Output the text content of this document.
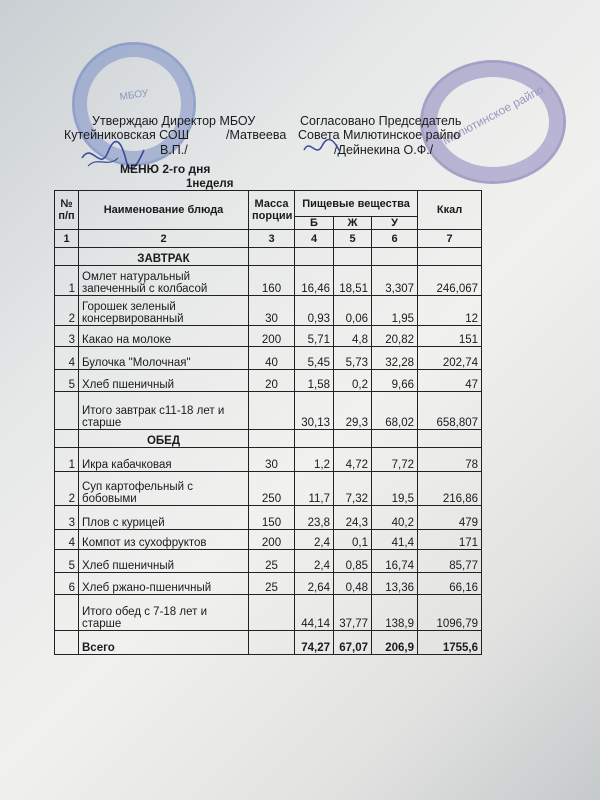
МБОУ	Милютинское райпо
Утверждаю Директор МБОУ
Кутейниковская СОШ	/Матвеева
В.П./
Согласовано Председатель
Совета Милютинское райпо
/Дейнекина О.Ф./
МЕНЮ 2-го дня
1неделя
№ п/п	Наименование блюда	Масса порции	Пищевые вещества			Ккал
			Б	Ж	У	
1	2	3	4	5	6	7
	ЗАВТРАК					
1	Омлет натуральный запеченный с колбасой	160	16,46	18,51	3,307	246,067
2	Горошек зеленый консервированный	30	0,93	0,06	1,95	12
3	Какао на молоке	200	5,71	4,8	20,82	151
4	Булочка "Молочная"	40	5,45	5,73	32,28	202,74
5	Хлеб пшеничный	20	1,58	0,2	9,66	47
	Итого завтрак с11-18 лет и старше		30,13	29,3	68,02	658,807
	ОБЕД					
1	Икра кабачковая	30	1,2	4,72	7,72	78
2	Суп картофельный с бобовыми	250	11,7	7,32	19,5	216,86
3	Плов с курицей	150	23,8	24,3	40,2	479
4	Компот из сухофруктов	200	2,4	0,1	41,4	171
5	Хлеб пшеничный	25	2,4	0,85	16,74	85,77
6	Хлеб ржано-пшеничный	25	2,64	0,48	13,36	66,16
	Итого обед с 7-18 лет и старше		44,14	37,77	138,9	1096,79
	Всего		74,27	67,07	206,9	1755,6
